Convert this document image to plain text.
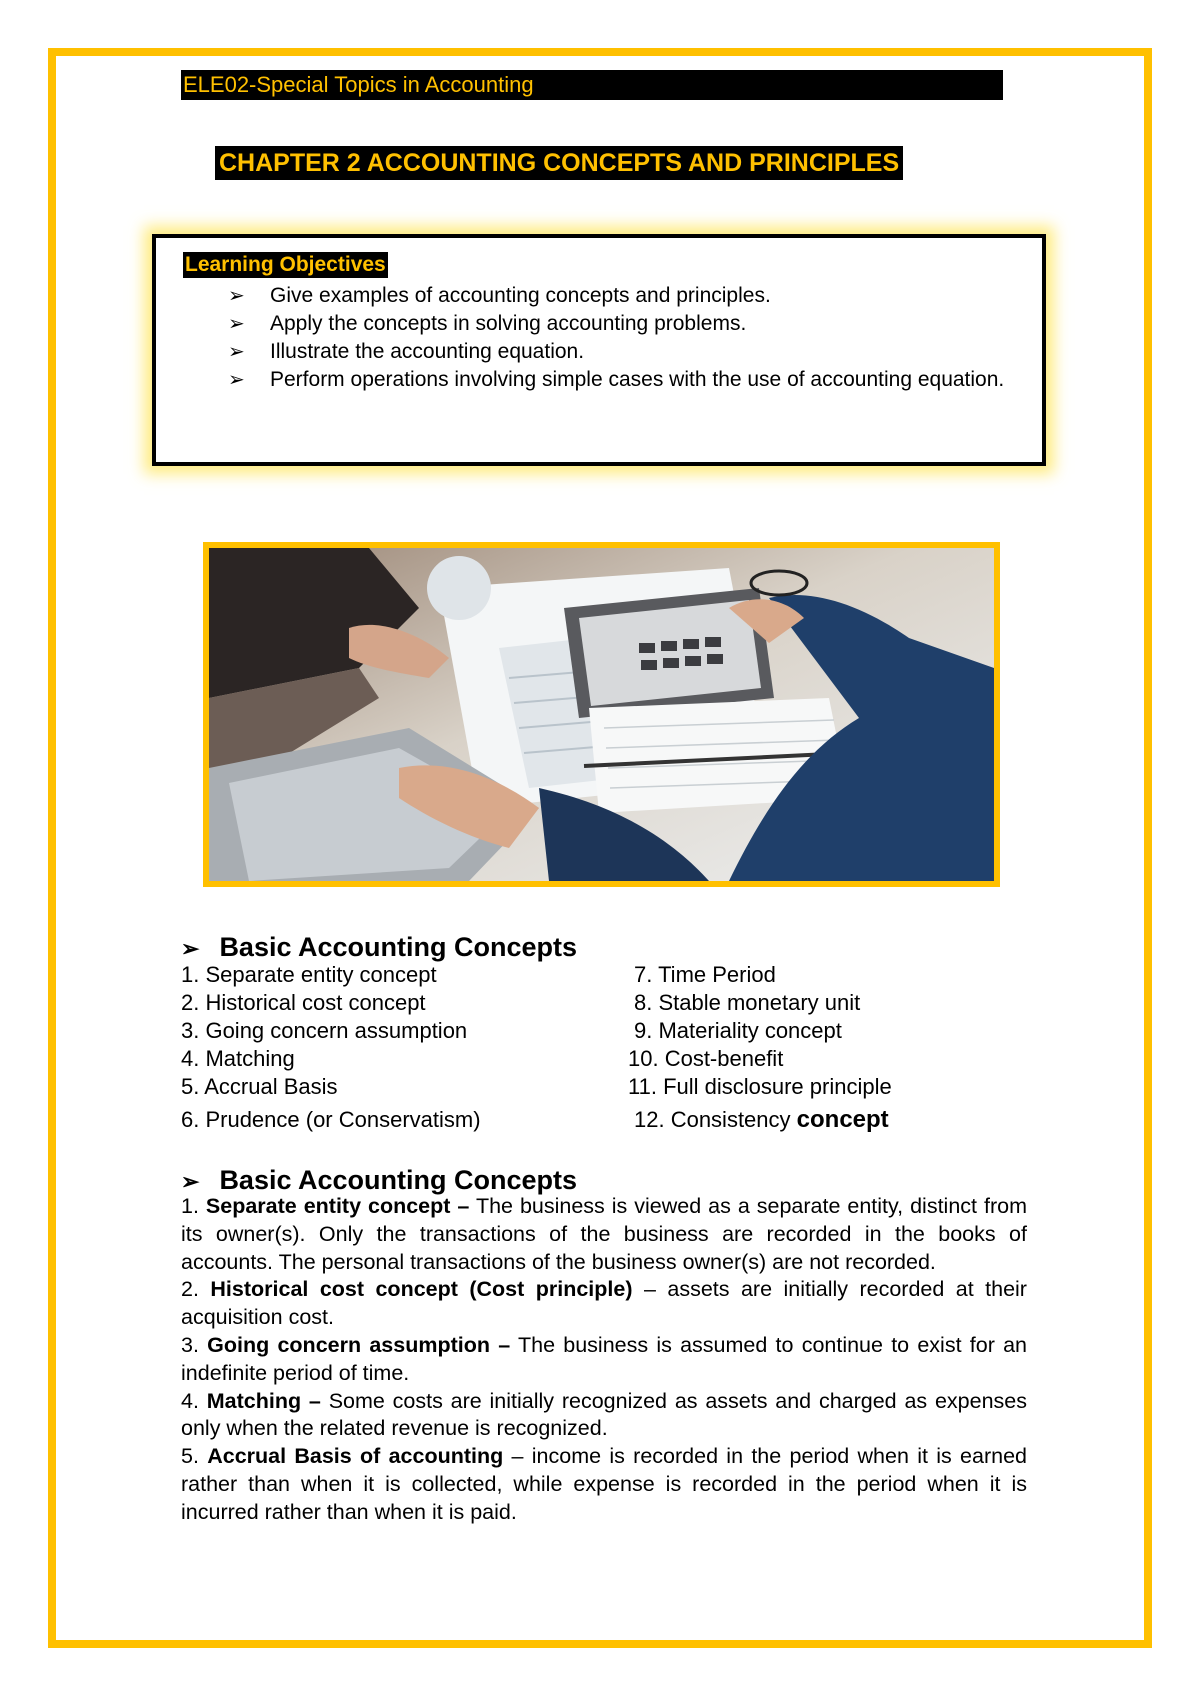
ELE02-Special Topics in Accounting
CHAPTER 2 ACCOUNTING CONCEPTS AND PRINCIPLES
Learning Objectives
➢ Give examples of accounting concepts and principles.
➢ Apply the concepts in solving accounting problems.
➢ Illustrate the accounting equation.
➢ Perform operations involving simple cases with the use of accounting equation.
➢ Basic Accounting Concepts
1. Separate entity concept
2. Historical cost concept
3. Going concern assumption
4. Matching
5. Accrual Basis
6. Prudence (or Conservatism)
7. Time Period
8. Stable monetary unit
9. Materiality concept
10. Cost-benefit
11. Full disclosure principle
12. Consistency concept
➢ Basic Accounting Concepts

1. Separate entity concept – The business is viewed as a separate entity, distinct from its owner(s). Only the transactions of the business are recorded in the books of accounts. The personal transactions of the business owner(s) are not recorded.

2. Historical cost concept (Cost principle) – assets are initially recorded at their acquisition cost.

3. Going concern assumption – The business is assumed to continue to exist for an indefinite period of time.

4. Matching – Some costs are initially recognized as assets and charged as expenses only when the related revenue is recognized.

5. Accrual Basis of accounting – income is recorded in the period when it is earned rather than when it is collected, while expense is recorded in the period when it is incurred rather than when it is paid.
